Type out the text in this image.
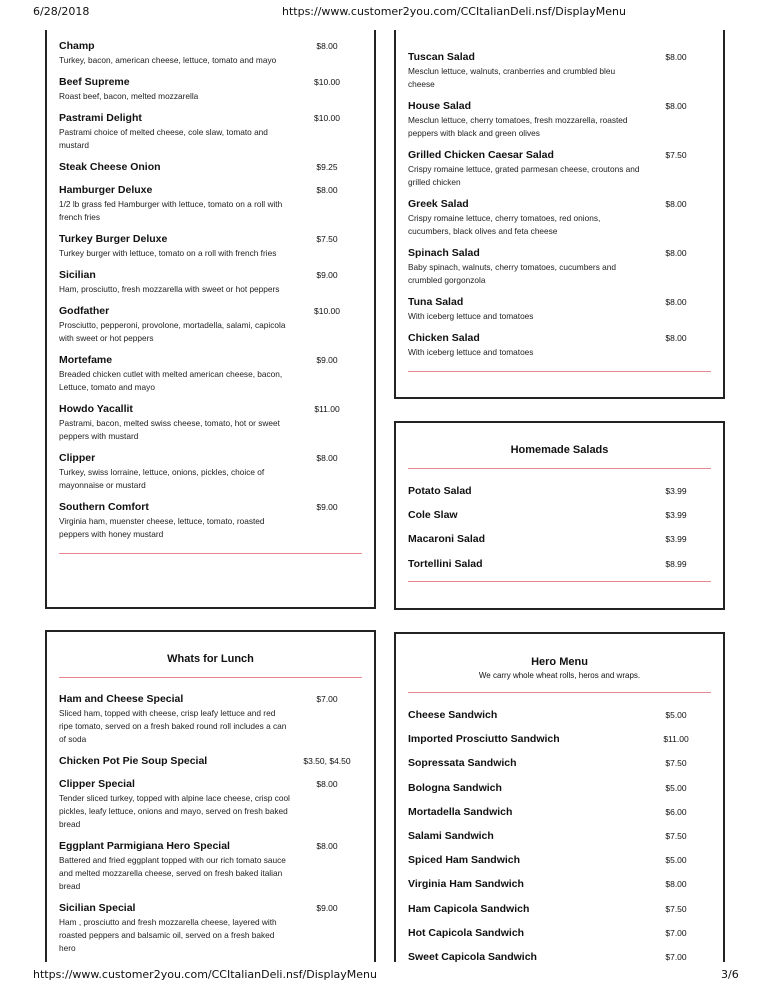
6/28/2018	https://www.customer2you.com/CCItalianDeli.nsf/DisplayMenu
Champ
Turkey, bacon, american cheese, lettuce, tomato and mayo
$8.00
Beef Supreme
Roast beef, bacon, melted mozzarella
$10.00
Pastrami Delight
Pastrami choice of melted cheese, cole slaw, tomato and mustard
$10.00
Steak Cheese Onion	$9.25
Hamburger Deluxe
1/2 lb grass fed Hamburger with lettuce, tomato on a roll with french fries
$8.00
Turkey Burger Deluxe
Turkey burger with lettuce, tomato on a roll with french fries
$7.50
Sicilian
Ham, prosciutto, fresh mozzarella with sweet or hot peppers
$9.00
Godfather
Prosciutto, pepperoni, provolone, mortadella, salami, capicola with sweet or hot peppers
$10.00
Mortefame
Breaded chicken cutlet with melted american cheese, bacon, Lettuce, tomato and mayo
$9.00
Howdo Yacallit
Pastrami, bacon, melted swiss cheese, tomato, hot or sweet peppers with mustard
$11.00
Clipper
Turkey, swiss lorraine, lettuce, onions, pickles, choice of mayonnaise or mustard
$8.00
Southern Comfort
Virginia ham, muenster cheese, lettuce, tomato, roasted peppers with honey mustard
$9.00
Tuscan Salad
Mesclun lettuce, walnuts, cranberries and crumbled bleu cheese
$8.00
House Salad
Mesclun lettuce, cherry tomatoes, fresh mozzarella, roasted peppers with black and green olives
$8.00
Grilled Chicken Caesar Salad
Crispy romaine lettuce, grated parmesan cheese, croutons and grilled chicken
$7.50
Greek Salad
Crispy romaine lettuce, cherry tomatoes, red onions, cucumbers, black olives and feta cheese
$8.00
Spinach Salad
Baby spinach, walnuts, cherry tomatoes, cucumbers and crumbled gorgonzola
$8.00
Tuna Salad
With iceberg lettuce and tomatoes
$8.00
Chicken Salad
With iceberg lettuce and tomatoes
$8.00
Homemade Salads
Potato Salad	$3.99
Cole Slaw	$3.99
Macaroni Salad	$3.99
Tortellini Salad	$8.99
Whats for Lunch
Ham and Cheese Special
Sliced ham, topped with cheese, crisp leafy lettuce and red ripe tomato, served on a fresh baked round roll includes a can of soda
$7.00
Chicken Pot Pie Soup Special	$3.50, $4.50
Clipper Special
Tender sliced turkey, topped with alpine lace cheese, crisp cool pickles, leafy lettuce, onions and mayo, served on fresh baked bread
$8.00
Eggplant Parmigiana Hero Special
Battered and fried eggplant topped with our rich tomato sauce and melted mozzarella cheese, served on fresh baked italian bread
$8.00
Sicilian Special
Ham , prosciutto and fresh mozzarella cheese, layered with roasted peppers and balsamic oil, served on a fresh baked hero
$9.00
Hero Menu
We carry whole wheat rolls, heros and wraps.
Cheese Sandwich	$5.00
Imported Prosciutto Sandwich	$11.00
Sopressata Sandwich	$7.50
Bologna Sandwich	$5.00
Mortadella Sandwich	$6.00
Salami Sandwich	$7.50
Spiced Ham Sandwich	$5.00
Virginia Ham Sandwich	$8.00
Ham Capicola Sandwich	$7.50
Hot Capicola Sandwich	$7.00
Sweet Capicola Sandwich	$7.00
https://www.customer2you.com/CCItalianDeli.nsf/DisplayMenu	3/6
